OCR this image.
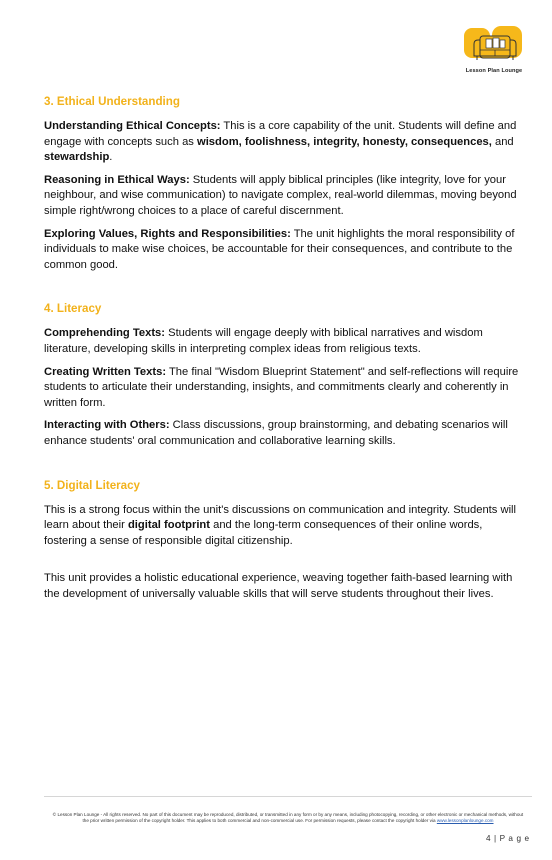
Lesson Plan Lounge
3. Ethical Understanding

Understanding Ethical Concepts: This is a core capability of the unit. Students will define and engage with concepts such as wisdom, foolishness, integrity, honesty, consequences, and stewardship.

Reasoning in Ethical Ways: Students will apply biblical principles (like integrity, love for your neighbour, and wise communication) to navigate complex, real-world dilemmas, moving beyond simple right/wrong choices to a place of careful discernment.

Exploring Values, Rights and Responsibilities: The unit highlights the moral responsibility of individuals to make wise choices, be accountable for their consequences, and contribute to the common good.

4. Literacy

Comprehending Texts: Students will engage deeply with biblical narratives and wisdom literature, developing skills in interpreting complex ideas from religious texts.

Creating Written Texts: The final "Wisdom Blueprint Statement" and self-reflections will require students to articulate their understanding, insights, and commitments clearly and coherently in written form.

Interacting with Others: Class discussions, group brainstorming, and debating scenarios will enhance students' oral communication and collaborative learning skills.

5. Digital Literacy

This is a strong focus within the unit's discussions on communication and integrity. Students will learn about their digital footprint and the long-term consequences of their online words, fostering a sense of responsible digital citizenship.

This unit provides a holistic educational experience, weaving together faith-based learning with the development of universally valuable skills that will serve students throughout their lives.

© Lesson Plan Lounge - All rights reserved. No part of this document may be reproduced, distributed, or transmitted in any form or by any means, including photocopying, recording, or other electronic or mechanical methods, without the prior written permission of the copyright holder. This applies to both commercial and non-commercial use. For permission requests, please contact the copyright holder via www.lessonplanlounge.com
4 | P a g e
